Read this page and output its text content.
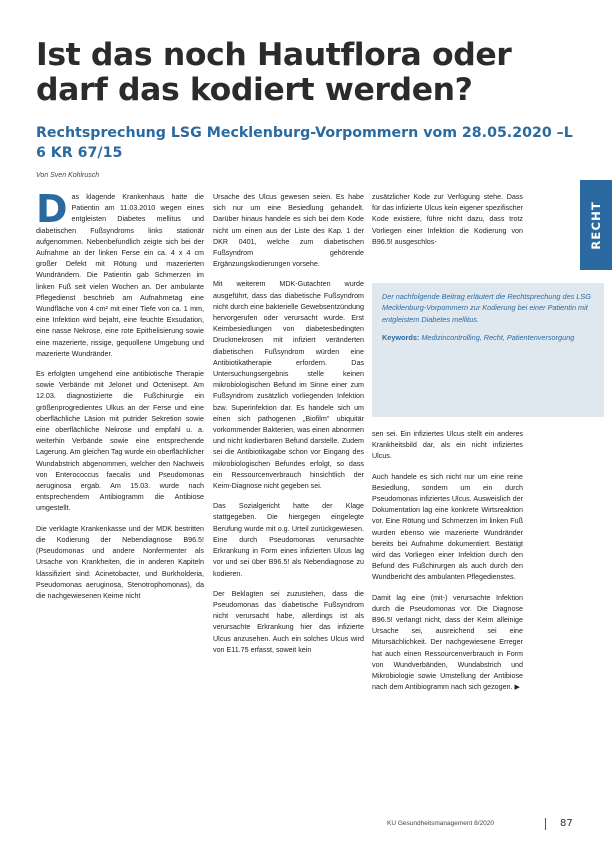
Ist das noch Hautflora oder darf das kodiert werden?
Rechtsprechung LSG Mecklenburg-Vorpommern vom 28.05.2020 –L 6 KR 67/15
Von Sven Kohlrusch
RECHT

Das klagende Krankenhaus hatte die Patientin am 11.03.2010 wegen eines entgleisten Diabetes mellitus und diabetischen Fußsyndroms links stationär aufgenommen. Nebenbefundlich zeigte sich bei der Aufnahme an der linken Ferse ein ca. 4 x 4 cm großer Defekt mit Rötung und mazerierten Wundrändern. Die Patientin gab Schmerzen im linken Fuß seit vielen Wochen an. Der ambulante Pflegedienst beschrieb am Aufnahmetag eine Wundfläche von 4 cm² mit einer Tiefe von ca. 1 mm, eine Infektion wird bejaht, eine feuchte Exsudation, eine nasse Nekrose, eine rote Epithelisierung sowie eine mazerierte, rissige, gequollene Umgebung und mazerierte Wundränder.

Es erfolgten umgehend eine antibiotische Therapie sowie Verbände mit Jelonet und Octenisept. Am 12.03. diagnostizierte die Fußchirurgie ein größenprogredientes Ulkus an der Ferse und eine oberflächliche Läsion mit putrider Sekretion sowie eine oberflächliche Nekrose und empfahl u. a. weiterhin Verbände sowie eine entsprechende Lagerung. Am gleichen Tag wurde ein oberflächlicher Wundabstrich abgenommen, welcher den Nachweis von Enterococcus faecalis und Pseudomonas aeruginosa ergab. Am 15.03. wurde nach entsprechendem Antibiogramm die Antibiose umgestellt.

Die verklagte Krankenkasse und der MDK bestritten die Kodierung der Nebendiagnose B96.5! (Pseudomonas und andere Nonfermenter als Ursache von Krankheiten, die in anderen Kapiteln klassifiziert sind: Acinetobacter, und Burkholderia, Pseudomonas aeruginosa, Stenotrophomonas), da die nachgewiesenen Keime nicht

Ursache des Ulcus gewesen seien. Es habe sich nur um eine Besiedlung gehandelt. Darüber hinaus handele es sich bei dem Kode nicht um einen aus der Liste des Kap. 1 der DKR 0401, welche zum diabetischen Fußsyndrom gehörende Ergänzungskodierungen vorsehe.

Mit weiterem MDK-Gutachten wurde ausgeführt, dass das diabetische Fußsyndrom nicht durch eine bakterielle Gewebsentzündung hervorgerufen oder verursacht wurde. Erst Keimbesiedlungen von diabetesbedingten Druckmekrosen mit infiziert veränderten diabetischen Fußsyndrom würden eine Antibiotikatherapie erfordern. Das Untersuchungsergebnis stelle keinen mikrobiologischen Befund im Sinne einer zum Fußsyndrom zusätzlich vorliegenden Infektion bzw. Superinfektion dar. Es handele sich um einen sich pathogenen „Biofilm“ ubiquitär vorkommender Bakterien, was einen abnormen und nicht kodierbaren Befund darstelle. Zudem sei die Antibiotikagabe schon vor Eingang des mikrobiologischen Befundes erfolgt, so dass ein Ressourcenverbrauch hinsichtlich der Keim-Diagnose nicht gegeben sei.

Das Sozialgericht hatte der Klage stattgegeben. Die hiergegen eingelegte Berufung wurde mit o.g. Urteil zurückgewiesen. Eine durch Pseudomonas verursachte Erkrankung in Form eines infizierten Ulcus lag vor und sei über B96.5! als Nebendiagnose zu kodieren.

Der Beklagten sei zuzustehen, dass die Pseudomonas das diabetische Fußsyndrom nicht verursacht habe, allerdings ist als verursachte Erkrankung hier das infizierte Ulcus anzusehen. Auch ein solches Ulcus wird von E11.75 erfasst, soweit kein

zusätzlicher Kode zur Verfügung stehe. Dass für das infizierte Ulcus kein eigener spezifischer Kode existiere, führe nicht dazu, dass trotz Vorliegen einer Infektion die Kodierung von B96.5! ausgeschlos-

Der nachfolgende Beitrag erläutert die Rechtsprechung des LSG Mecklenburg-Vorpommern zur Kodierung bei einer Patientin mit entgleistem Diabetes mellitus.

Keywords: Medizincontrolling, Recht, Patientenversorgung

sen sei. Ein infiziertes Ulcus stellt ein anderes Krankheitsbild dar, als ein nicht infiziertes Ulcus.

Auch handele es sich nicht nur um eine reine Besiedlung, sondern um ein durch Pseudomonas infiziertes Ulcus. Ausweislich der Dokumentation lag eine konkrete Wirtsreaktion vor. Eine Rötung und Schmerzen im linken Fuß wurden ebenso wie mazerierte Wundränder bereits bei Aufnahme dokumentiert. Bestätigt wird das Vorliegen einer Infektion durch den Befund des Fußchirurgen als auch durch den Wundbericht des ambulanten Pflegedienstes.

Damit lag eine (mit-) verursachte Infektion durch die Pseudomonas vor. Die Diagnose B96.5! verlangt nicht, dass der Keim alleinige Ursache sei, ausreichend sei eine Mitursächlichkeit. Der nachgewiesene Erreger hat auch einen Ressourcenverbrauch in Form von Wundverbänden, Wundabstrich und Mikrobiologie sowie Umstellung der Antibiose nach dem Antibiogramm nach sich gezogen. ▶

KU Gesundheitsmanagement 8/2020	87
